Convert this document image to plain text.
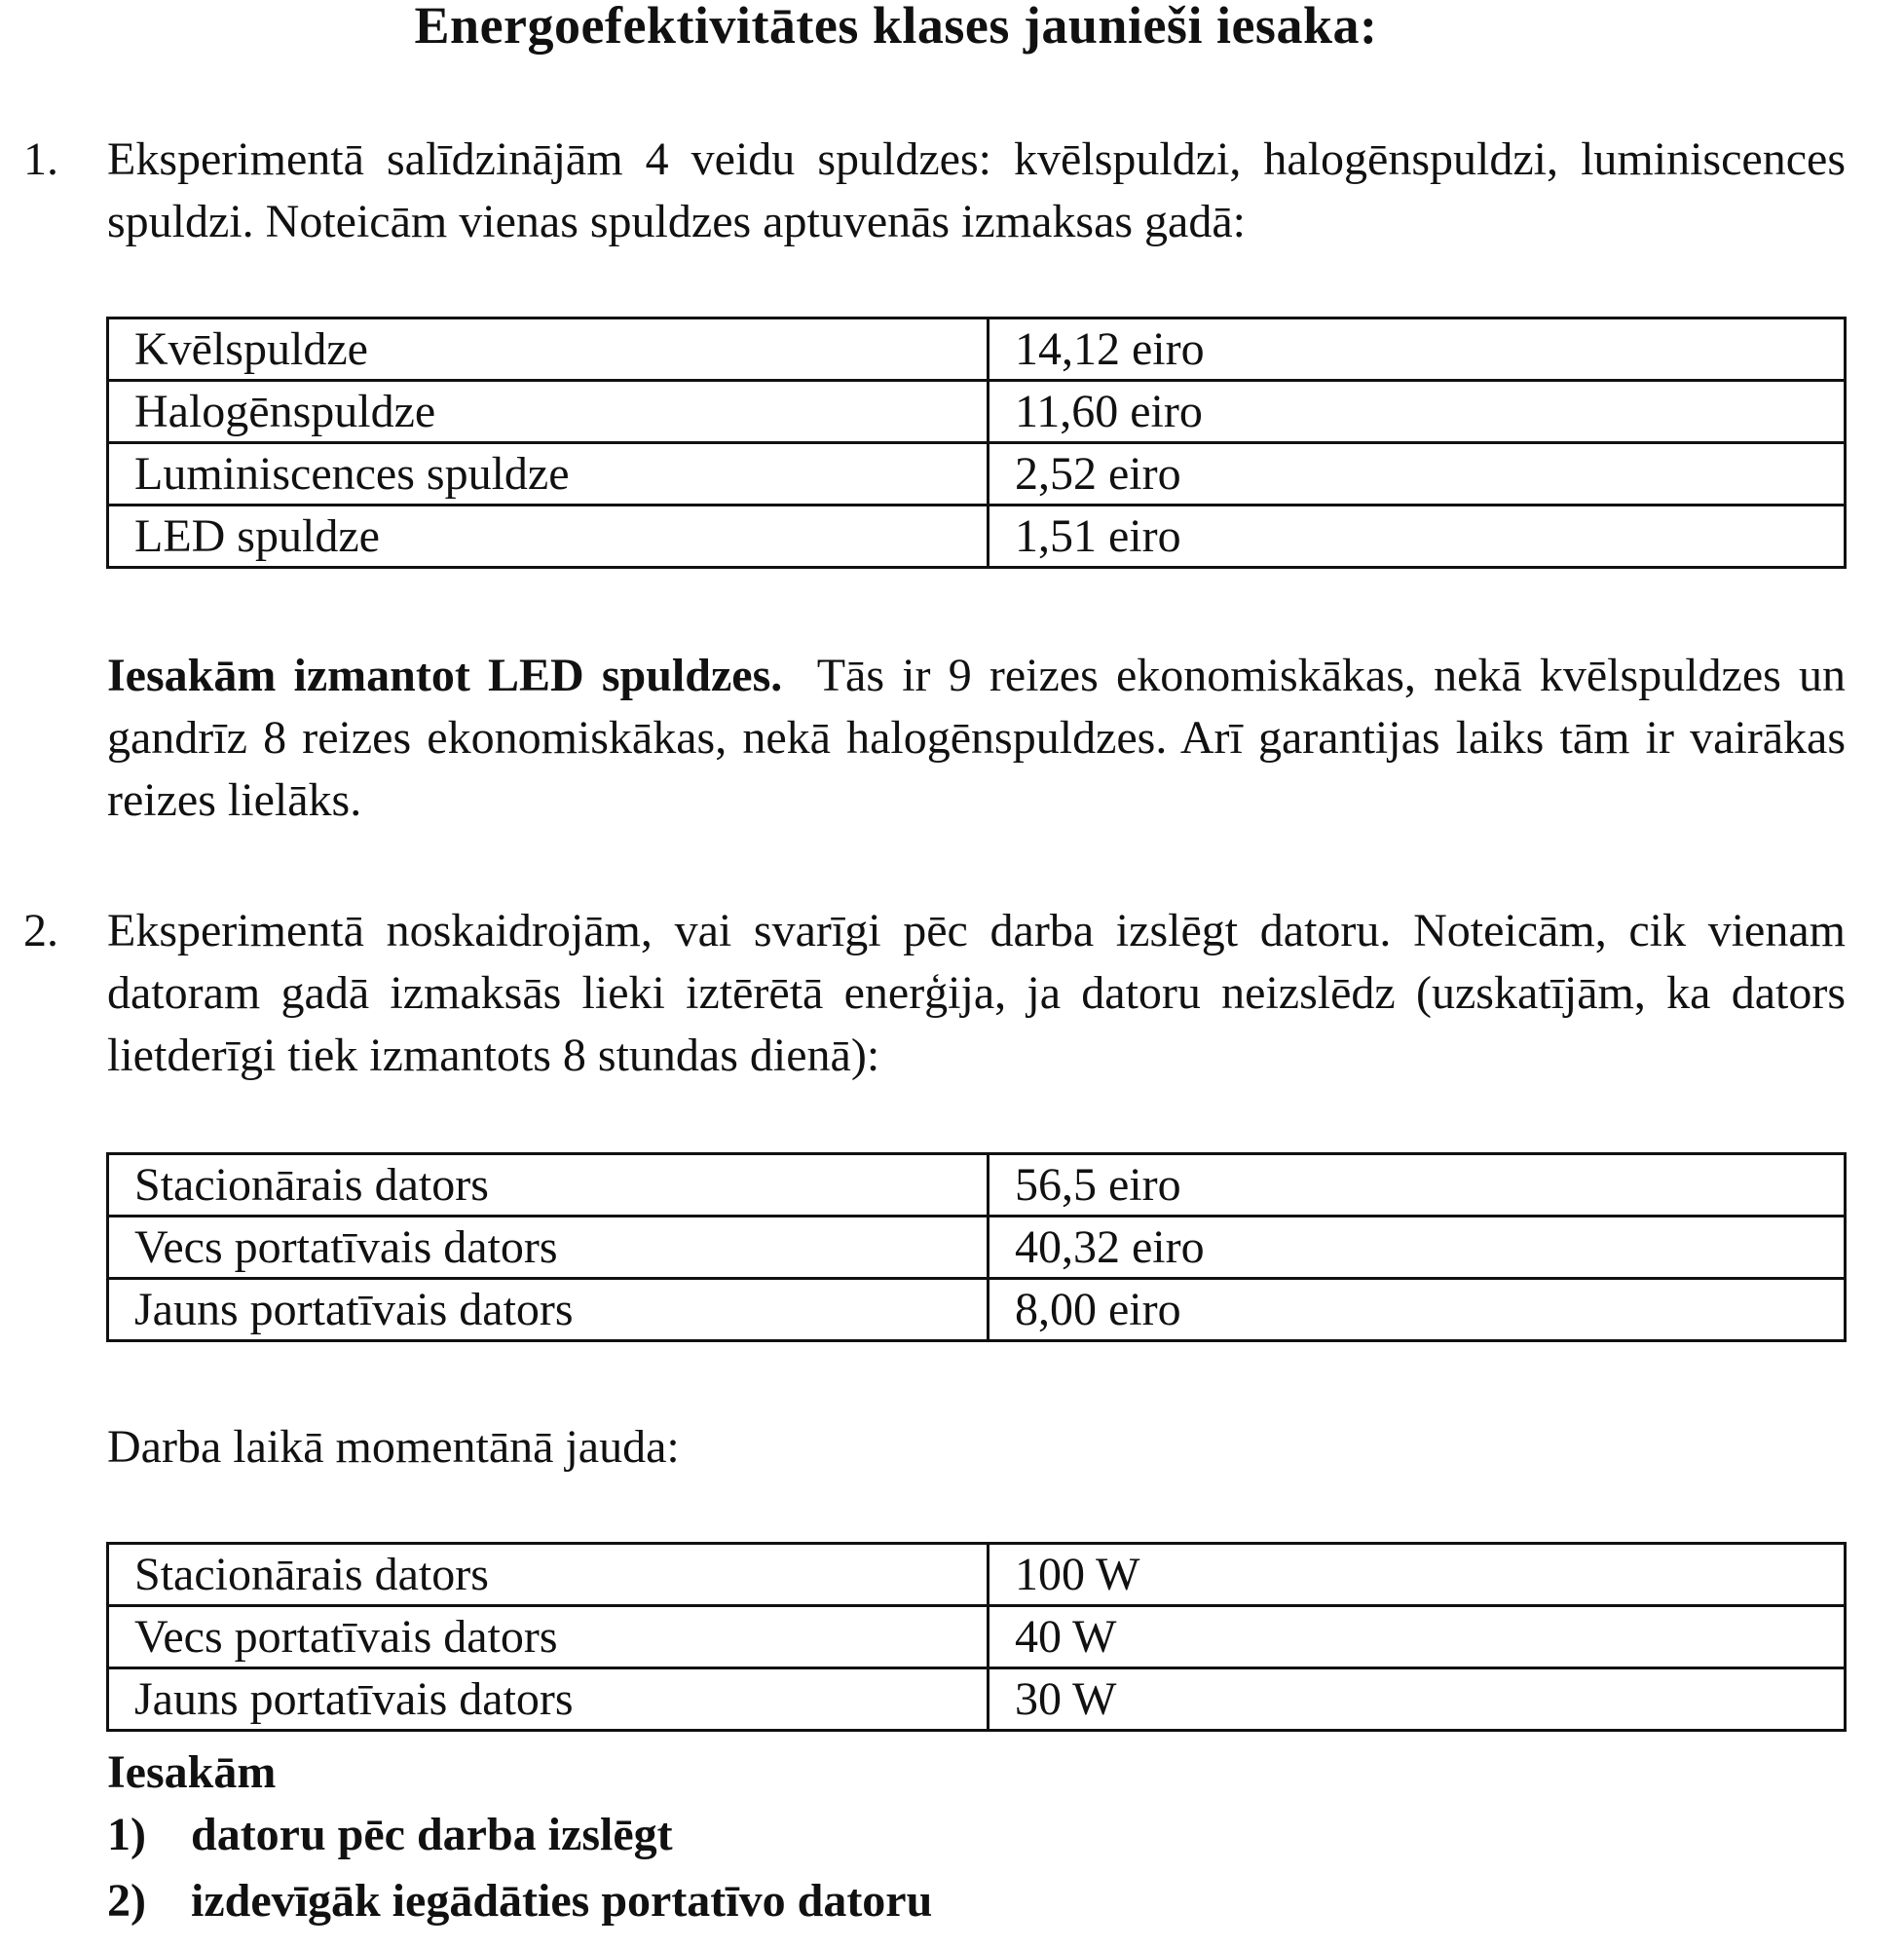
Energoefektivitātes klases jaunieši iesaka:
1. Eksperimentā salīdzinājām 4 veidu spuldzes: kvēlspuldzi, halogēnspuldzi, luminiscences spuldzi. Noteicām vienas spuldzes aptuvenās izmaksas gadā:
Kvēlspuldze	14,12 eiro
Halogēnspuldze	11,60 eiro
Luminiscences spuldze	2,52 eiro
LED spuldze	1,51 eiro
Iesakām izmantot LED spuldzes. Tās ir 9 reizes ekonomiskākas, nekā kvēlspuldzes un gandrīz 8 reizes ekonomiskākas, nekā halogēnspuldzes. Arī garantijas laiks tām ir vairākas reizes lielāks.
2. Eksperimentā noskaidrojām, vai svarīgi pēc darba izslēgt datoru. Noteicām, cik vienam datoram gadā izmaksās lieki iztērētā enerģija, ja datoru neizslēdz (uzskatījām, ka dators lietderīgi tiek izmantots 8 stundas dienā):
Stacionārais dators	56,5 eiro
Vecs portatīvais dators	40,32 eiro
Jauns portatīvais dators	8,00 eiro
Darba laikā momentānā jauda:
Stacionārais dators	100 W
Vecs portatīvais dators	40 W
Jauns portatīvais dators	30 W
Iesakām
1) datoru pēc darba izslēgt
2) izdevīgāk iegādāties portatīvo datoru
